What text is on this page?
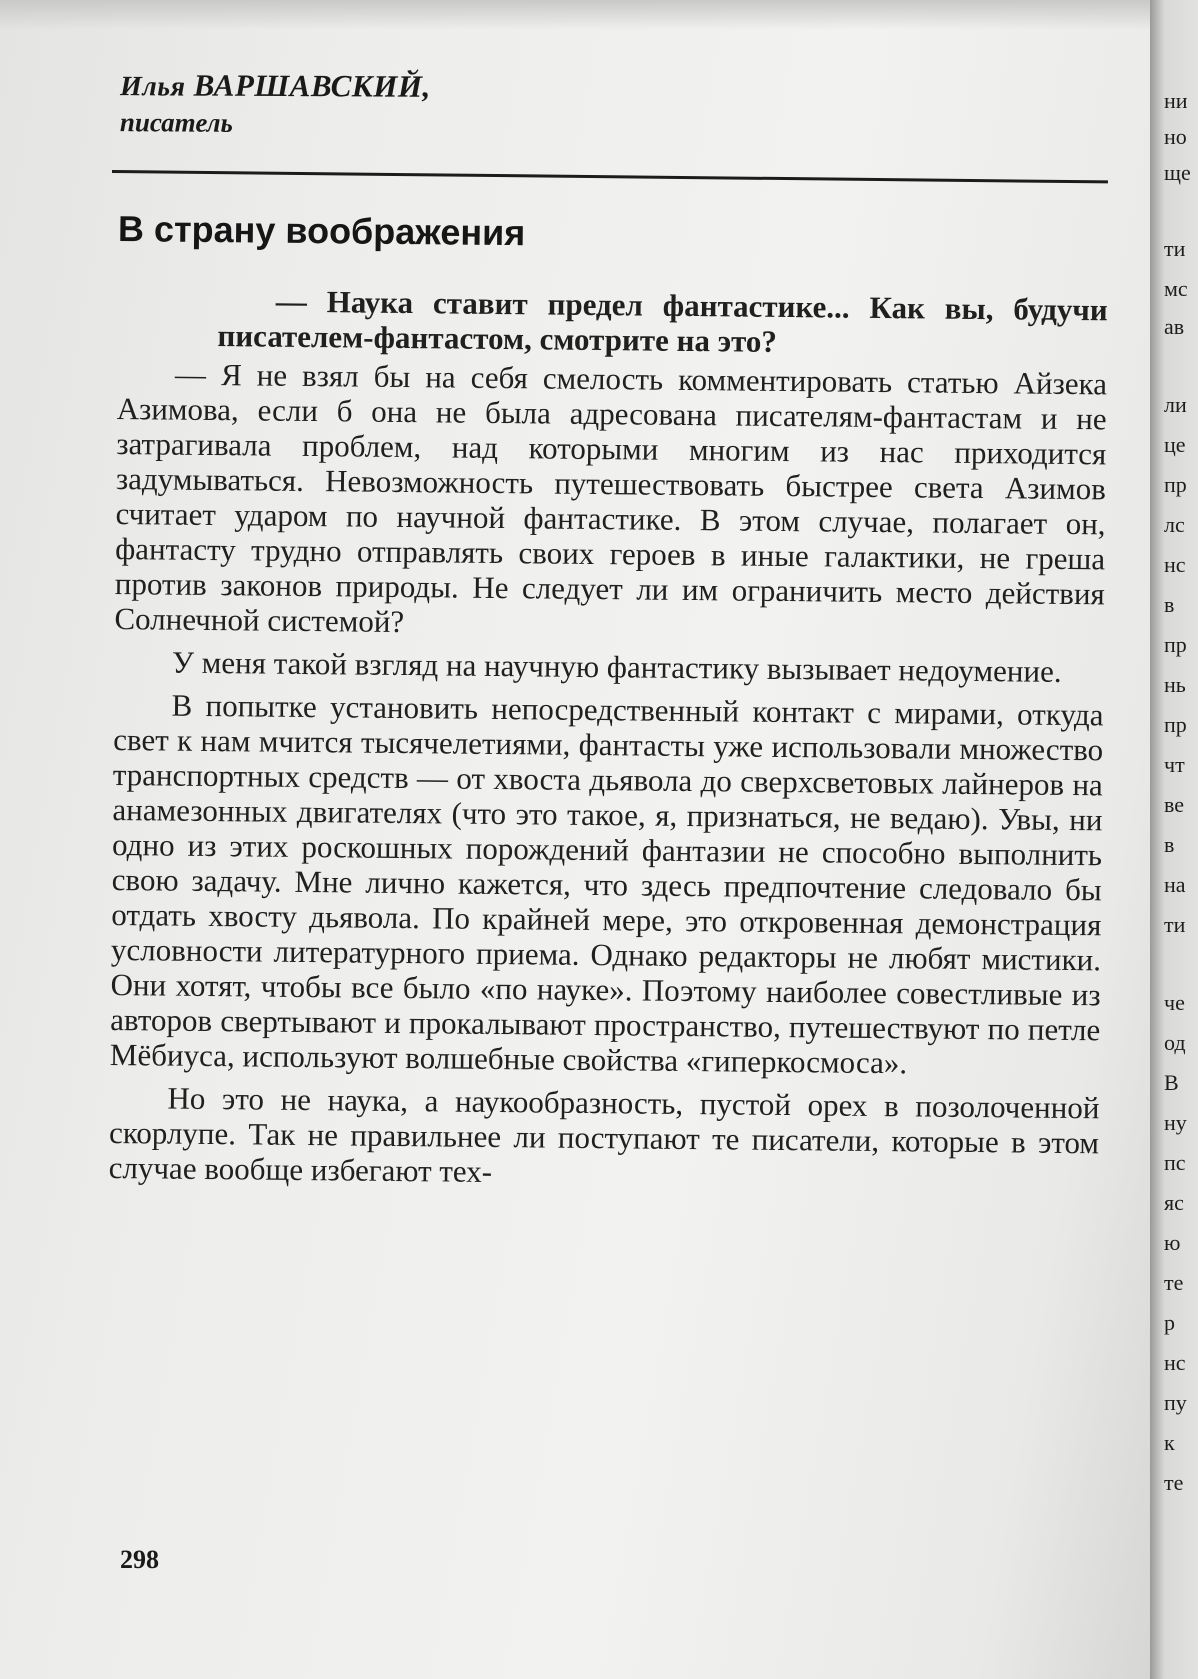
Илья ВАРШАВСКИЙ,
писатель
В страну воображения

— Наука ставит предел фантастике... Как вы, будучи писателем-фантастом, смотрите на это?

— Я не взял бы на себя смелость комментировать статью Айзека Азимова, если б она не была адресована писателям-фантастам и не затрагивала проблем, над которыми многим из нас приходится задумываться. Невозможность путешествовать быстрее света Азимов считает ударом по научной фантастике. В этом случае, полагает он, фантасту трудно отправлять своих героев в иные галактики, не греша против законов природы. Не следует ли им ограничить место действия Солнечной системой?

У меня такой взгляд на научную фантастику вызывает недоумение.

В попытке установить непосредственный контакт с мирами, откуда свет к нам мчится тысячелетиями, фантасты уже использовали множество транспортных средств — от хвоста дьявола до сверхсветовых лайнеров на анамезонных двигателях (что это такое, я, признаться, не ведаю). Увы, ни одно из этих роскошных порождений фантазии не способно выполнить свою задачу. Мне лично кажется, что здесь предпочтение следовало бы отдать хвосту дьявола. По крайней мере, это откровенная демонстрация условности литературного приема. Однако редакторы не любят мистики. Они хотят, чтобы все было «по науке». Поэтому наиболее совестливые из авторов свертывают и прокалывают пространство, путешествуют по петле Мёбиуса, используют волшебные свойства «гиперкосмоса».

Но это не наука, а наукообразность, пустой орех в позолоченной скорлупе. Так не правильнее ли поступают те писатели, которые в этом случае вообще избегают тех-

298
ни
но
ще
ти
мс
ав
ли
це
пр
лс
нс
в
пр
нь
пр
чт
ве
в
на
ти
че
од
В
ну
пс
яс
ю
те
р
нс
пу
к
те
